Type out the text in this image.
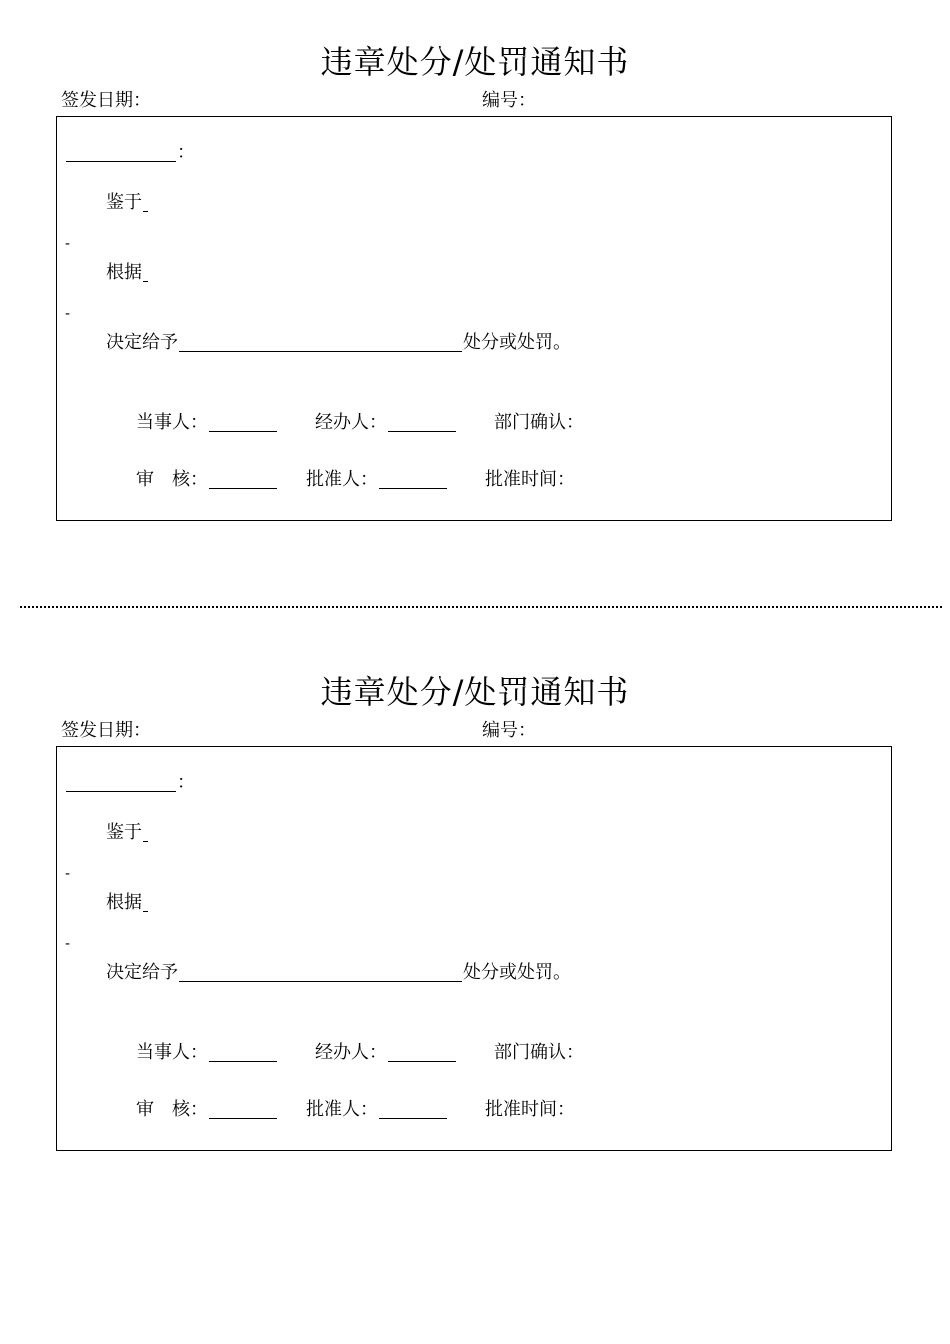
违章处分/处罚通知书
签发日期：	编号：
：
鉴于
-
根据
-
决定给予	处分或处罚。
当事人：	经办人：	部门确认：
审　核：	批准人：	批准时间：
违章处分/处罚通知书
签发日期：	编号：
：
鉴于
-
根据
-
决定给予	处分或处罚。
当事人：	经办人：	部门确认：
审　核：	批准人：	批准时间：
